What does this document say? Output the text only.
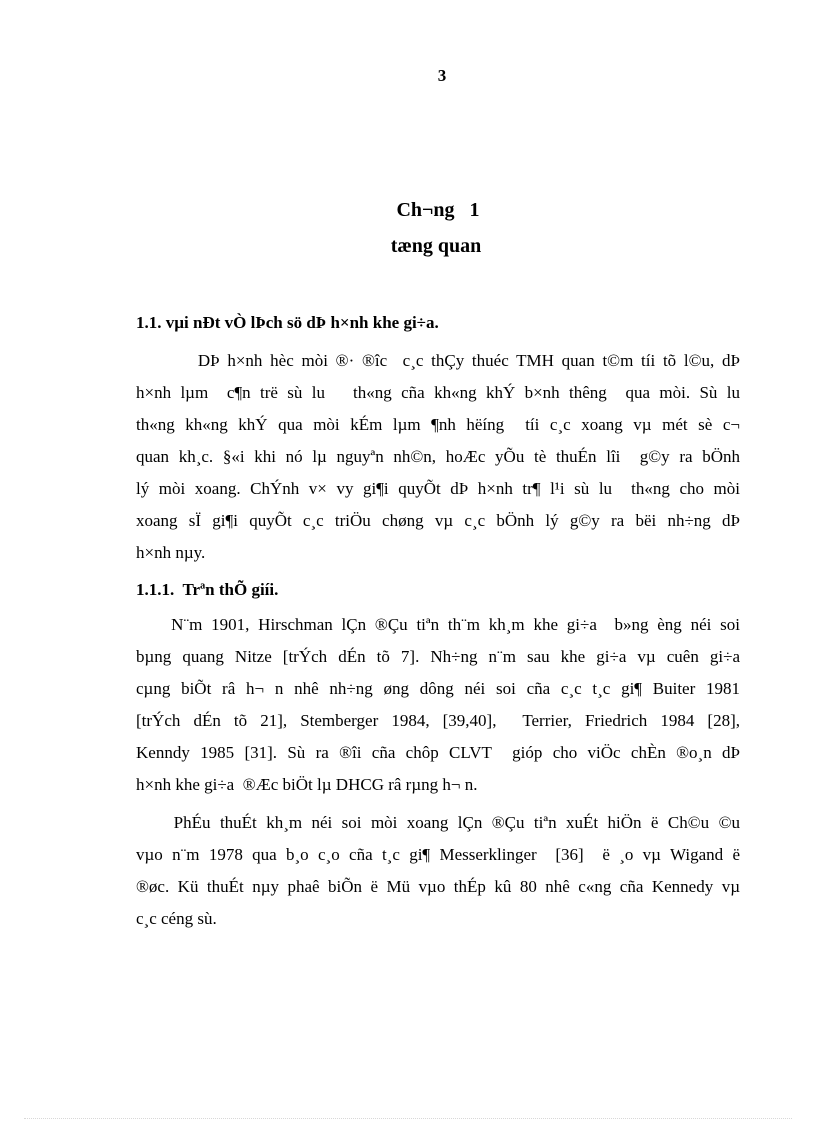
3
Ch¬ng   1
tæng quan
1.1. vµi nÐt vÒ lÞch sö dÞ h×nh khe gi÷a.
DÞ h×nh hèc mòi ®· ®îc  c¸c thÇy thuéc TMH quan t©m tíi tõ l©u, dÞ
h×nh lµm  c¶n trë sù lu   th«ng cña kh«ng khÝ b×nh thêng  qua mòi. Sù lu
th«ng kh«ng khÝ qua mòi kÉm lµm ¶nh hëíng  tíi c¸c xoang vµ mét sè c¬
quan kh¸c. §«i khi nó lµ nguyªn nh©n, hoÆc yÕu tè thuÉn lîi  g©y ra bÖnh
lý mòi xoang. ChÝnh v× vy gi¶i quyÕt dÞ h×nh tr¶ l¹i sù lu  th«ng cho mòi
xoang sÏ gi¶i quyÕt c¸c triÖu chøng vµ c¸c bÖnh lý g©y ra bëi nh÷ng dÞ
h×nh nµy.
1.1.1.  Trªn thÕ giíi.
N¨m 1901, Hirschman lÇn ®Çu tiªn th¨m kh¸m khe gi÷a  b»ng èng néi soi
bµng quang Nitze [trÝch dÉn tõ 7]. Nh÷ng n¨m sau khe gi÷a vµ cuên gi÷a
cµng biÕt râ h¬ n nhê nh÷ng øng dông néi soi cña c¸c t¸c gi¶ Buiter 1981
[trÝch dÉn tõ 21], Stemberger 1984, [39,40],  Terrier, Friedrich 1984 [28],
Kenndy 1985 [31]. Sù ra ®îi cña chôp CLVT  gióp cho viÖc chÈn ®o¸n dÞ
h×nh khe gi÷a  ®Æc biÖt lµ DHCG râ rµng h¬ n.
PhÉu thuÉt kh¸m néi soi mòi xoang lÇn ®Çu tiªn xuÉt hiÖn ë Ch©u ©u
vµo n¨m 1978 qua b¸o c¸o cña t¸c gi¶ Messerklinger  [36]  ë ¸o vµ Wigand ë
®øc. Kü thuÉt nµy phaê biÕn ë Mü vµo thÉp kû 80 nhê c«ng cña Kennedy vµ
c¸c céng sù.
